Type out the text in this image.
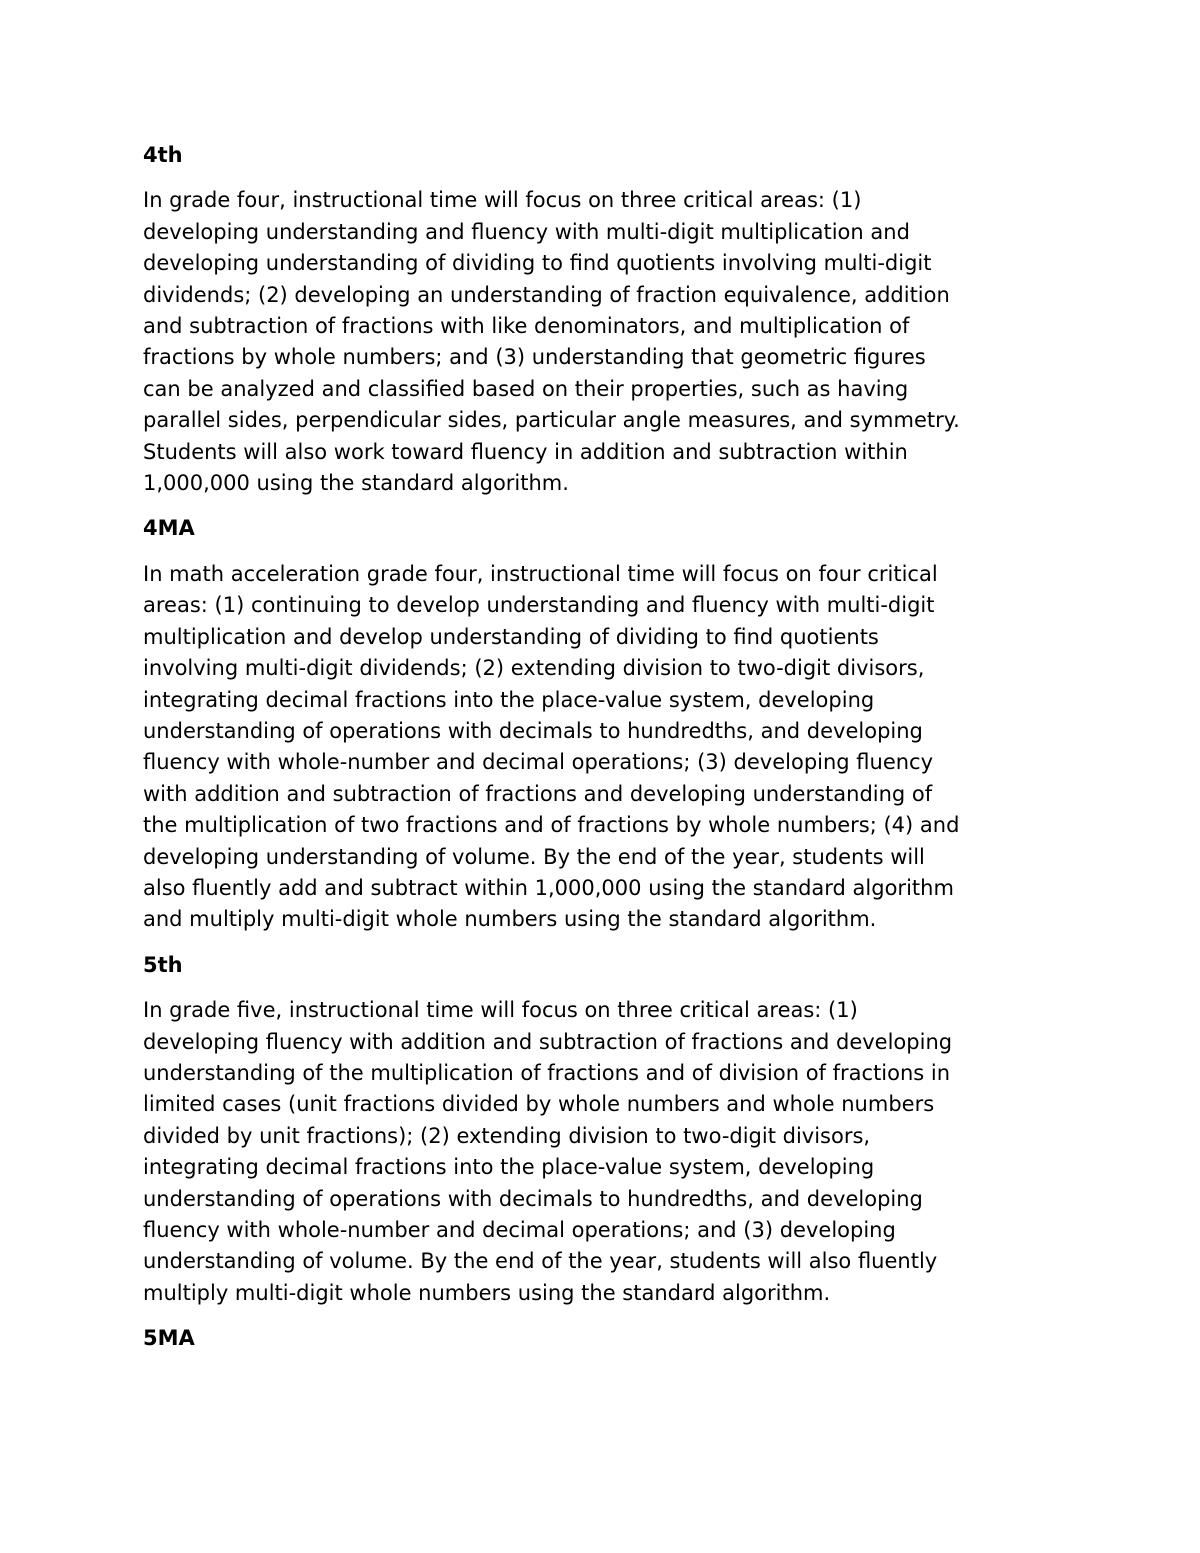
4th
In grade four, instructional time will focus on three critical areas: (1)
developing understanding and fluency with multi-digit multiplication and
developing understanding of dividing to find quotients involving multi-digit
dividends; (2) developing an understanding of fraction equivalence, addition
and subtraction of fractions with like denominators, and multiplication of
fractions by whole numbers; and (3) understanding that geometric figures
can be analyzed and classified based on their properties, such as having
parallel sides, perpendicular sides, particular angle measures, and symmetry.
Students will also work toward fluency in addition and subtraction within
1,000,000 using the standard algorithm.
4MA
In math acceleration grade four, instructional time will focus on four critical
areas: (1) continuing to develop understanding and fluency with multi-digit
multiplication and develop understanding of dividing to find quotients
involving multi-digit dividends; (2) extending division to two-digit divisors,
integrating decimal fractions into the place-value system, developing
understanding of operations with decimals to hundredths, and developing
fluency with whole-number and decimal operations; (3) developing fluency
with addition and subtraction of fractions and developing understanding of
the multiplication of two fractions and of fractions by whole numbers; (4) and
developing understanding of volume. By the end of the year, students will
also fluently add and subtract within 1,000,000 using the standard algorithm
and multiply multi-digit whole numbers using the standard algorithm.
5th
In grade five, instructional time will focus on three critical areas: (1)
developing fluency with addition and subtraction of fractions and developing
understanding of the multiplication of fractions and of division of fractions in
limited cases (unit fractions divided by whole numbers and whole numbers
divided by unit fractions); (2) extending division to two-digit divisors,
integrating decimal fractions into the place-value system, developing
understanding of operations with decimals to hundredths, and developing
fluency with whole-number and decimal operations; and (3) developing
understanding of volume. By the end of the year, students will also fluently
multiply multi-digit whole numbers using the standard algorithm.
5MA
